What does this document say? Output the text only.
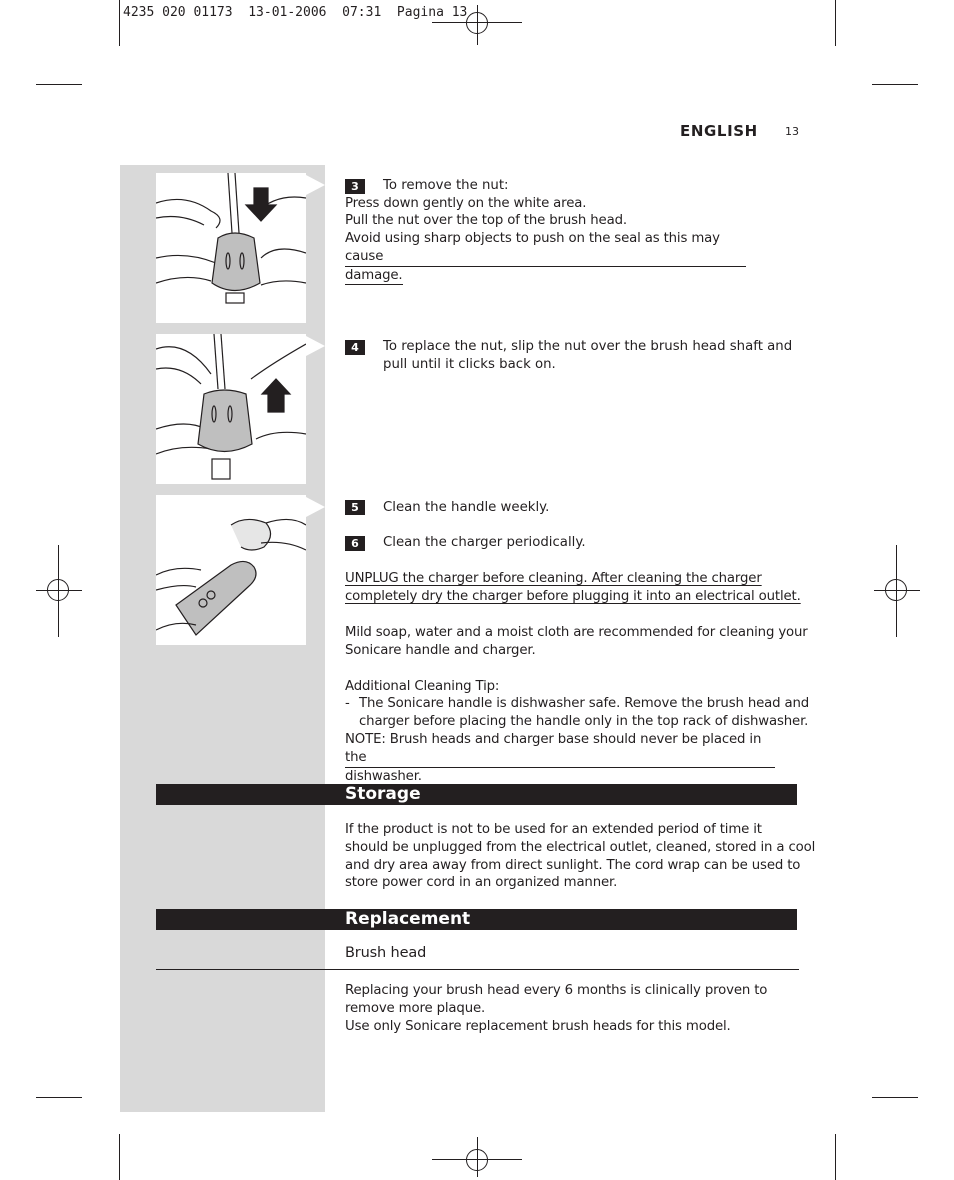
4235 020 01173  13-01-2006  07:31  Pagina 13
ENGLISH 13
3	To remove the nut:
Press down gently on the white area.
Pull the nut over the top of the brush head.
Avoid using sharp objects to push on the seal as this may cause
damage.
4	To replace the nut, slip the nut over the brush head shaft and
pull until it clicks back on.
5	Clean the handle weekly.
6	Clean the charger periodically.
UNPLUG the charger before cleaning. After cleaning the charger
completely dry the charger before plugging it into an electrical outlet.
Mild soap, water and a moist cloth are recommended for cleaning your
Sonicare handle and charger.
Additional Cleaning Tip:
- The Sonicare handle is dishwasher safe. Remove the brush head and
charger before placing the handle only in the top rack of dishwasher.
NOTE: Brush heads and charger base should never be placed in the
dishwasher.
Storage
If the product is not to be used for an extended period of time it
should be unplugged from the electrical outlet, cleaned, stored in a cool
and dry area away from direct sunlight. The cord wrap can be used to
store power cord in an organized manner.
Replacement
Brush head
Replacing your brush head every 6 months is clinically proven to
remove more plaque.
Use only Sonicare replacement brush heads for this model.
